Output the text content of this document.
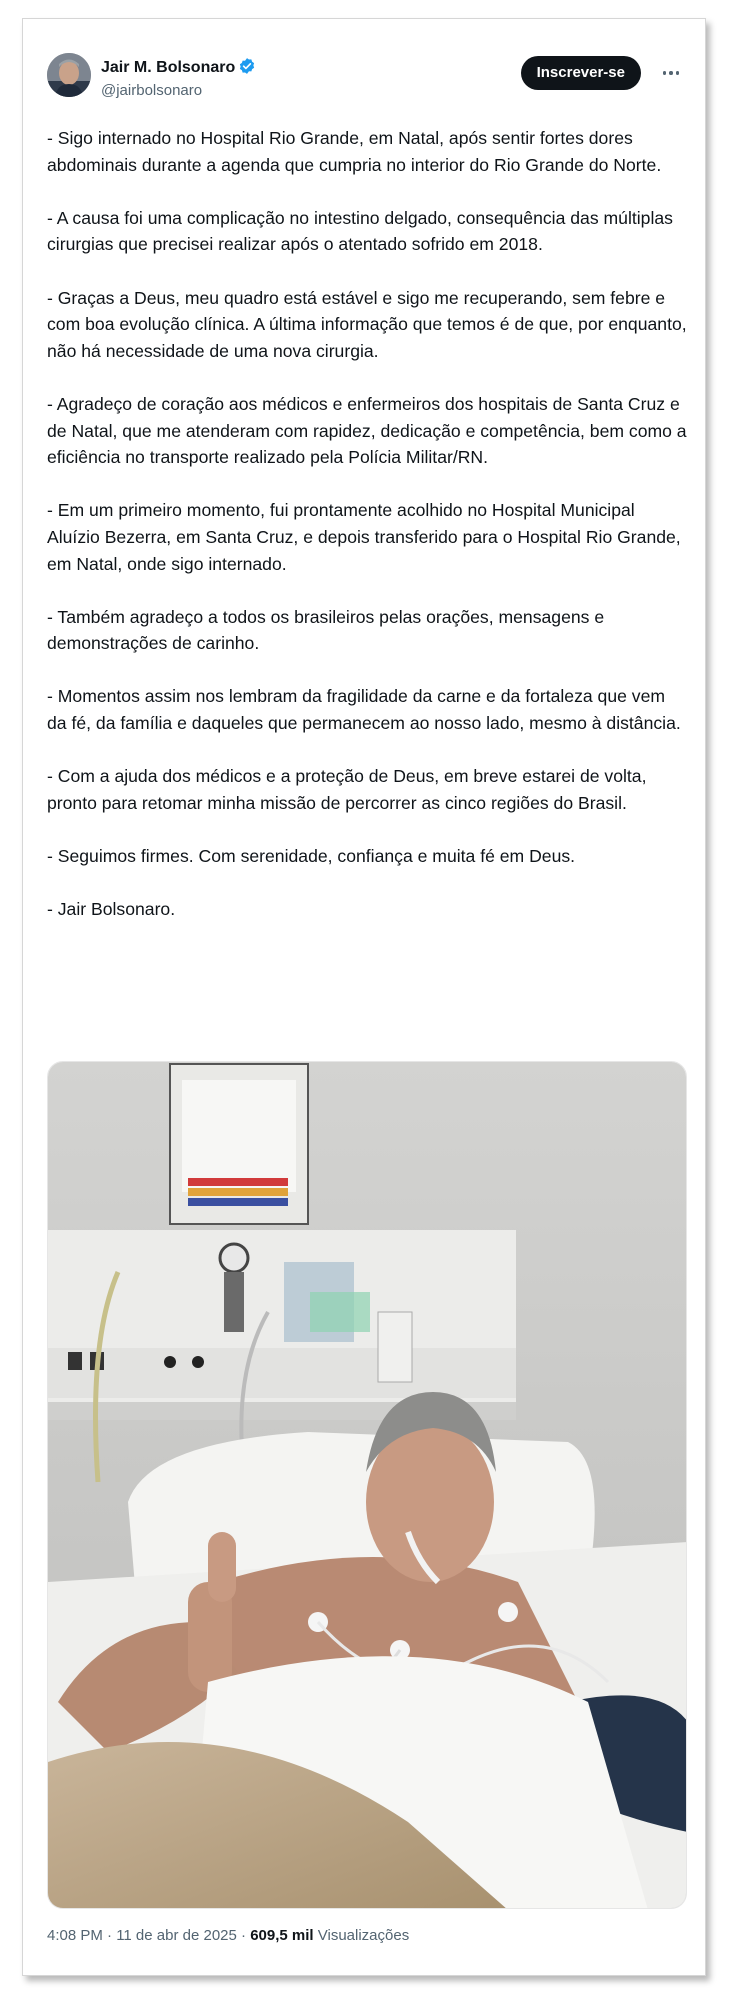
Jair M. Bolsonaro
@jairbolsonaro
Inscrever-se
- Sigo internado no Hospital Rio Grande, em Natal, após sentir fortes dores abdominais durante a agenda que cumpria no interior do Rio Grande do Norte.

- A causa foi uma complicação no intestino delgado, consequência das múltiplas cirurgias que precisei realizar após o atentado sofrido em 2018.

- Graças a Deus, meu quadro está estável e sigo me recuperando, sem febre e com boa evolução clínica. A última informação que temos é de que, por enquanto, não há necessidade de uma nova cirurgia.

- Agradeço de coração aos médicos e enfermeiros dos hospitais de Santa Cruz e de Natal, que me atenderam com rapidez, dedicação e competência, bem como a eficiência no transporte realizado pela Polícia Militar/RN.

- Em um primeiro momento, fui prontamente acolhido no Hospital Municipal Aluízio Bezerra, em Santa Cruz, e depois transferido para o Hospital Rio Grande, em Natal, onde sigo internado.

- Também agradeço a todos os brasileiros pelas orações, mensagens e demonstrações de carinho.

- Momentos assim nos lembram da fragilidade da carne e da fortaleza que vem da fé, da família e daqueles que permanecem ao nosso lado, mesmo à distância.

- Com a ajuda dos médicos e a proteção de Deus, em breve estarei de volta, pronto para retomar minha missão de percorrer as cinco regiões do Brasil.

- Seguimos firmes. Com serenidade, confiança e muita fé em Deus.

- Jair Bolsonaro.
4:08 PM · 11 de abr de 2025 · 609,5 mil Visualizações
